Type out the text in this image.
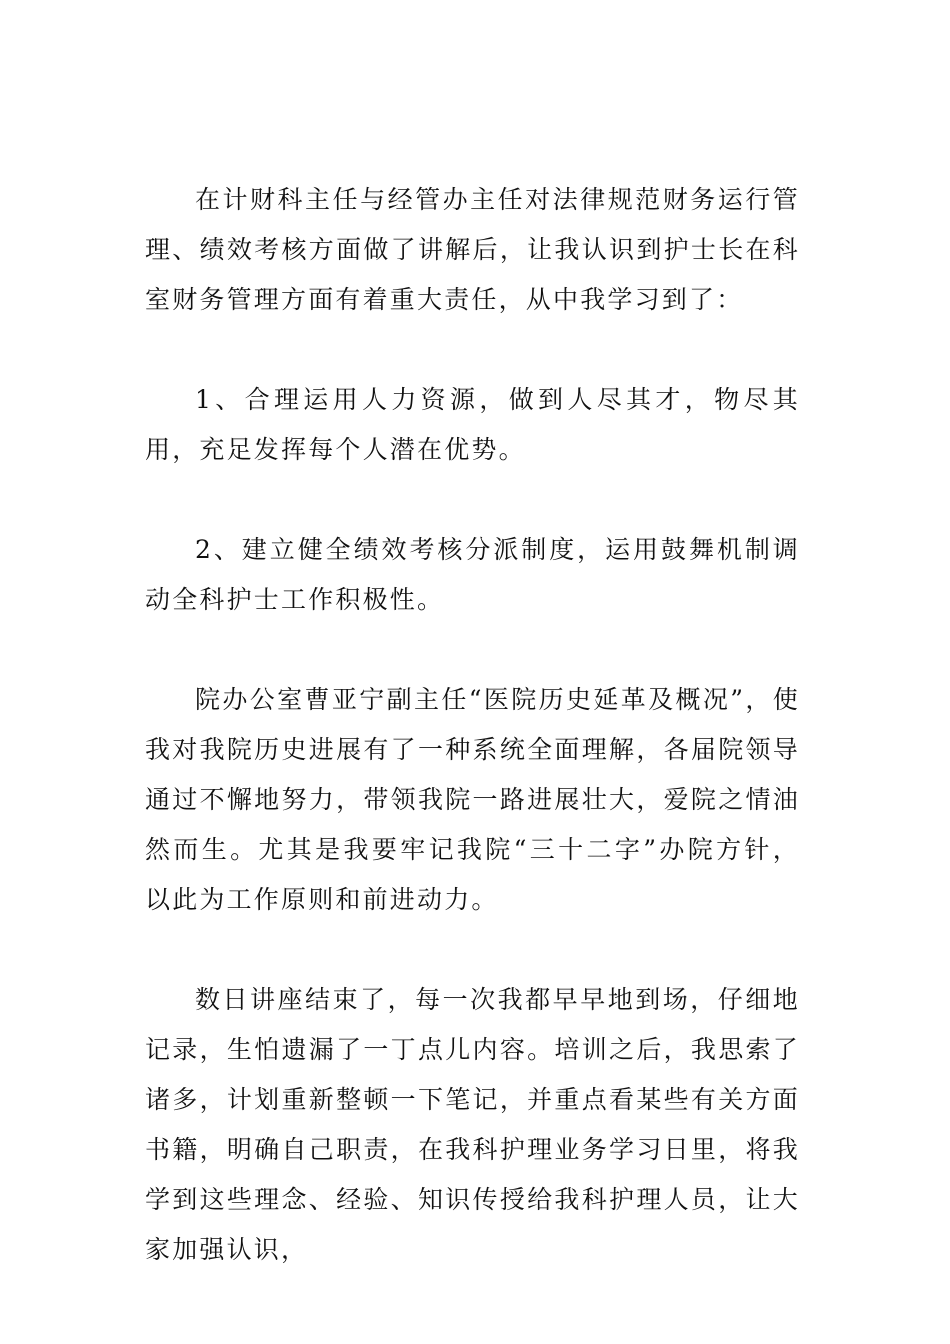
在计财科主任与经管办主任对法律规范财务运行管理、绩效考核方面做了讲解后，让我认识到护士长在科室财务管理方面有着重大责任，从中我学习到了：

1、合理运用人力资源，做到人尽其才，物尽其用，充足发挥每个人潜在优势。

2、建立健全绩效考核分派制度，运用鼓舞机制调动全科护士工作积极性。

院办公室曹亚宁副主任“医院历史延革及概况”，使我对我院历史进展有了一种系统全面理解，各届院领导通过不懈地努力，带领我院一路进展壮大，爱院之情油然而生。尤其是我要牢记我院“三十二字”办院方针，以此为工作原则和前进动力。

数日讲座结束了，每一次我都早早地到场，仔细地记录，生怕遗漏了一丁点儿内容。培训之后，我思索了诸多，计划重新整顿一下笔记，并重点看某些有关方面书籍，明确自己职责，在我科护理业务学习日里，将我学到这些理念、经验、知识传授给我科护理人员，让大家加强认识，
